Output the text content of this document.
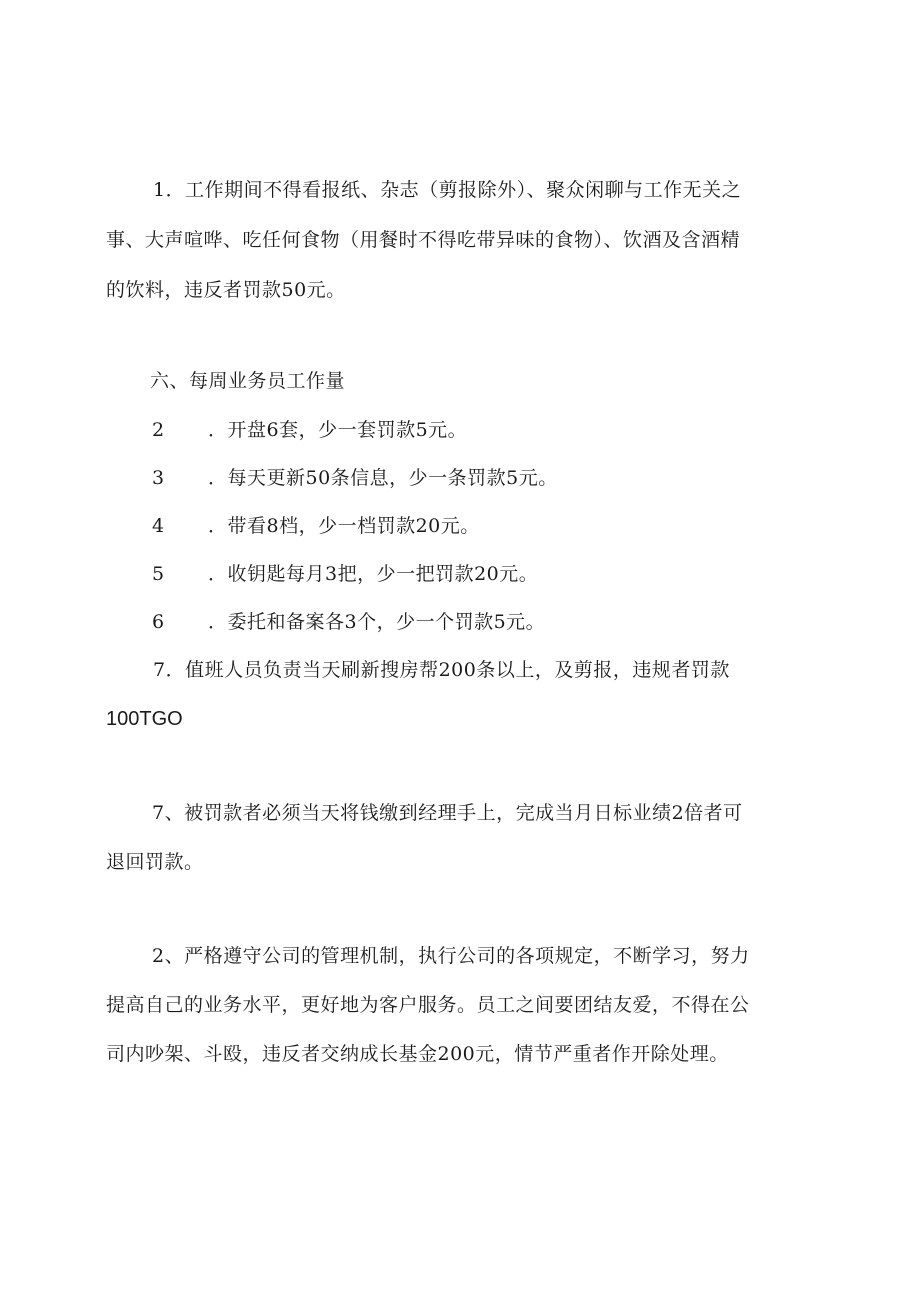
1．工作期间不得看报纸、杂志（剪报除外）、聚众闲聊与工作无关之
事、大声喧哗、吃任何食物（用餐时不得吃带异味的食物）、饮酒及含酒精
的饮料，违反者罚款50元。
六、每周业务员工作量
2 ．开盘6套，少一套罚款5元。
3 ．每天更新50条信息，少一条罚款5元。
4 ．带看8档，少一档罚款20元。
5 ．收钥匙每月3把，少一把罚款20元。
6 ．委托和备案各3个，少一个罚款5元。
7．值班人员负责当天刷新搜房帮200条以上，及剪报，违规者罚款
100TGO
7、被罚款者必须当天将钱缴到经理手上，完成当月日标业绩2倍者可
退回罚款。
2、严格遵守公司的管理机制，执行公司的各项规定，不断学习，努力
提高自己的业务水平，更好地为客户服务。员工之间要团结友爱，不得在公
司内吵架、斗殴，违反者交纳成长基金200元，情节严重者作开除处理。
